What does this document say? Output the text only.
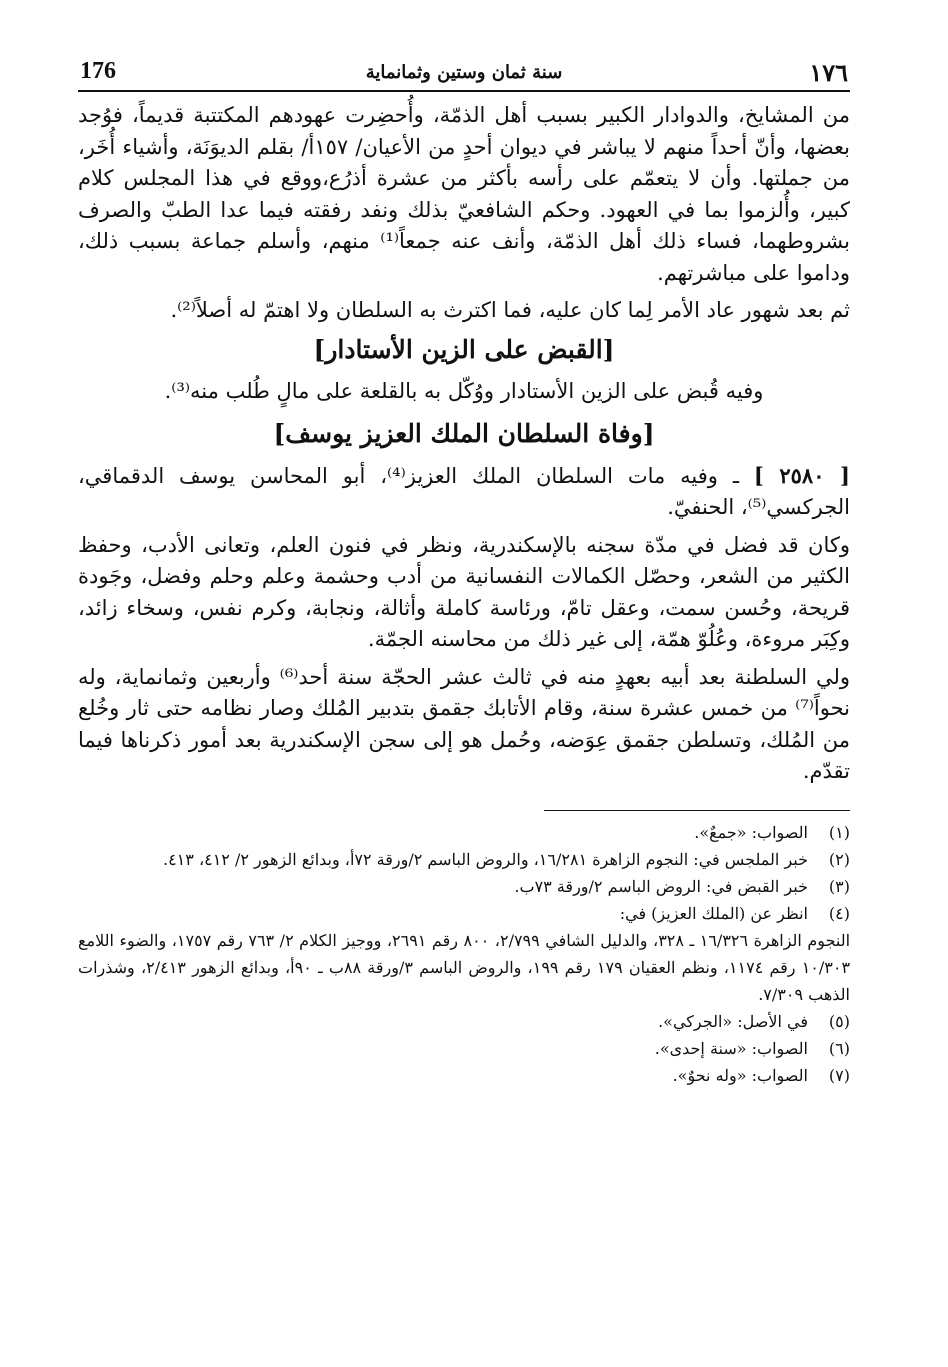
176	سنة ثمان وستين وثمانماية	١٧٦

من المشايخ، والدوادار الكبير بسبب أهل الذمّة، وأُحضِرت عهودهم المكتتبة قديماً، فوُجد بعضها، وأنّ أحداً منهم لا يباشر في ديوان أحدٍ من الأعيان/ ١٥٧أ/ بقلم الديوَنَة، وأشياء أُخَر، من جملتها. وأن لا يتعمّم على رأسه بأكثر من عشرة أذرُع،ووقع في هذا المجلس كلام كبير، وأُلزموا بما في العهود. وحكم الشافعيّ بذلك ونفد رفقته فيما عدا الطبّ والصرف بشروطهما، فساء ذلك أهل الذمّة، وأنف عنه جمعاً⁽¹⁾ منهم، وأسلم جماعة بسبب ذلك، وداموا على مباشرتهم.

ثم بعد شهور عاد الأمر لِما كان عليه، فما اكترث به السلطان ولا اهتمّ له أصلاً⁽²⁾.

[القبض على الزين الأستادار]
وفيه قُبض على الزين الأستادار ووُكّل به بالقلعة على مالٍ طُلب منه⁽³⁾.
[وفاة السلطان الملك العزيز يوسف]

[ ٢٥٨٠ ] ـ وفيه مات السلطان الملك العزيز⁽⁴⁾، أبو المحاسن يوسف الدقماقي، الجركسي⁽⁵⁾، الحنفيّ.

وكان قد فضل في مدّة سجنه بالإسكندرية، ونظر في فنون العلم، وتعانى الأدب، وحفظ الكثير من الشعر، وحصّل الكمالات النفسانية من أدب وحشمة وعلم وحلم وفضل، وجَودة قريحة، وحُسن سمت، وعقل تامّ، ورئاسة كاملة وأثالة، ونجابة، وكرم نفس، وسخاء زائد، وكِبَر مروءة، وعُلُوّ همّة، إلى غير ذلك من محاسنه الجمّة.

ولي السلطنة بعد أبيه بعهدٍ منه في ثالث عشر الحجّة سنة أحد⁽⁶⁾ وأربعين وثمانماية، وله نحواً⁽⁷⁾ من خمس عشرة سنة، وقام الأتابك جقمق بتدبير المُلك وصار نظامه حتى ثار وخُلع من المُلك، وتسلطن جقمق عِوَضه، وحُمل هو إلى سجن الإسكندرية بعد أمور ذكرناها فيما تقدّم.

(١)
الصواب: «جمعٌ».
(٢)
خبر الملجس في: النجوم الزاهرة ١٦/٢٨١، والروض الباسم ٢/ورقة ٧٢أ، وبدائع الزهور ٢/ ٤١٢، ٤١٣.
(٣)
خبر القبض في: الروض الباسم ٢/ورقة ٧٣ب.
(٤)
انظر عن (الملك العزيز) في:
النجوم الزاهرة ١٦/٣٢٦ ـ ٣٢٨، والدليل الشافي ٢/٧٩٩، ٨٠٠ رقم ٢٦٩١، ووجيز الكلام ٢/ ٧٦٣ رقم ١٧٥٧، والضوء اللامع ١٠/٣٠٣ رقم ١١٧٤، ونظم العقيان ١٧٩ رقم ١٩٩، والروض الباسم ٣/ورقة ٨٨ب ـ ٩٠أ، وبدائع الزهور ٢/٤١٣، وشذرات الذهب ٧/٣٠٩.
(٥)
في الأصل: «الجركي».
(٦)
الصواب: «سنة إحدى».
(٧)
الصواب: «وله نحوٌ».
